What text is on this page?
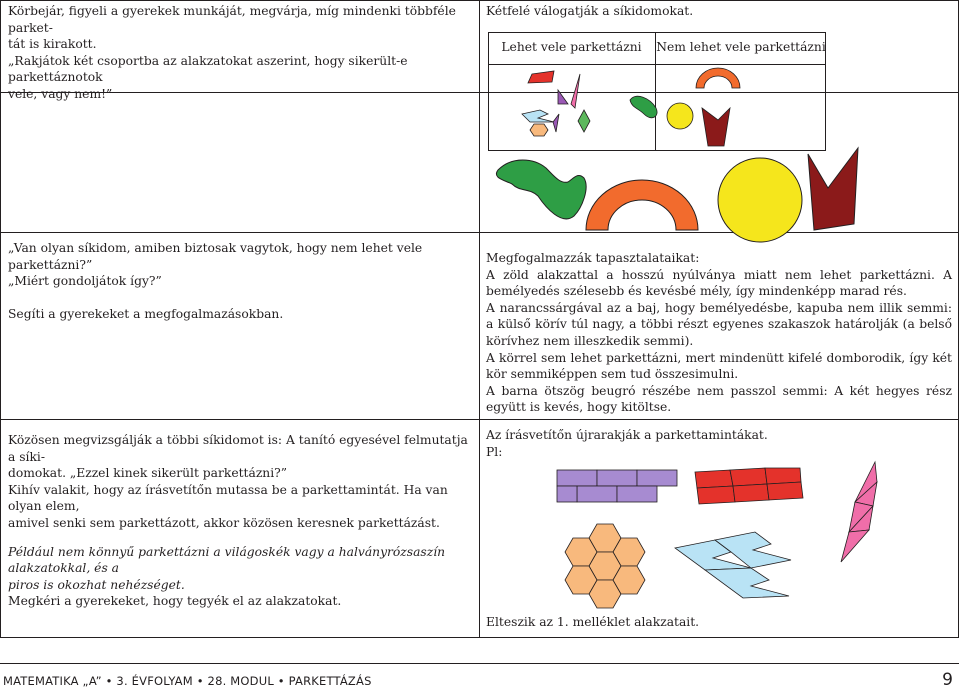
Körbejár, figyeli a gyerekek munkáját, megvárja, míg mindenki többféle parket-

tát is kirakott.

„Rakjátok két csoportba az alakzatokat aszerint, hogy sikerült-e parkettáznotok

vele, vagy nem!”

Kétfelé válogatják a síkidomokat.
Lehet vele parkettázni	Nem lehet vele parkettázni

„Van olyan síkidom, amiben biztosak vagytok, hogy nem lehet vele parkettázni?”

„Miért gondoljátok így?”

Segíti a gyerekeket a megfogalmazásokban.

Megfogalmazzák tapasztalataikat:

A zöld alakzattal a hosszú nyúlványa miatt nem lehet parkettázni. A bemélyedés szélesebb és kevésbé mély, így mindenképp marad rés.

A narancssárgával az a baj, hogy bemélyedésbe, kapuba nem illik semmi: a külső körív túl nagy, a többi részt egyenes szakaszok határolják (a belső körívhez nem illeszkedik semmi).

A körrel sem lehet parkettázni, mert mindenütt kifelé domborodik, így két kör semmiképpen sem tud összesimulni.

A barna ötszög beugró részébe nem passzol semmi: A két hegyes rész együtt is kevés, hogy kitöltse.

Közösen megvizsgálják a többi síkidomot is: A tanító egyesével felmutatja a síki-

domokat. „Ezzel kinek sikerült parkettázni?”

Kihív valakit, hogy az írásvetítőn mutassa be a parkettamintát. Ha van olyan elem,

amivel senki sem parkettázott, akkor közösen keresnek parkettázást.

Például nem könnyű parkettázni a világoskék vagy a halványrózsaszín alakzatokkal, és a

piros is okozhat nehézséget.

Megkéri a gyerekeket, hogy tegyék el az alakzatokat.

Az írásvetítőn újrarakják a parkettamintákat.

Pl:

Elteszik az 1. melléklet alakzatait.
MATEMATIKA „A” • 3. ÉVFOLYAM • 28. MODUL • PARKETTÁZÁS	9
